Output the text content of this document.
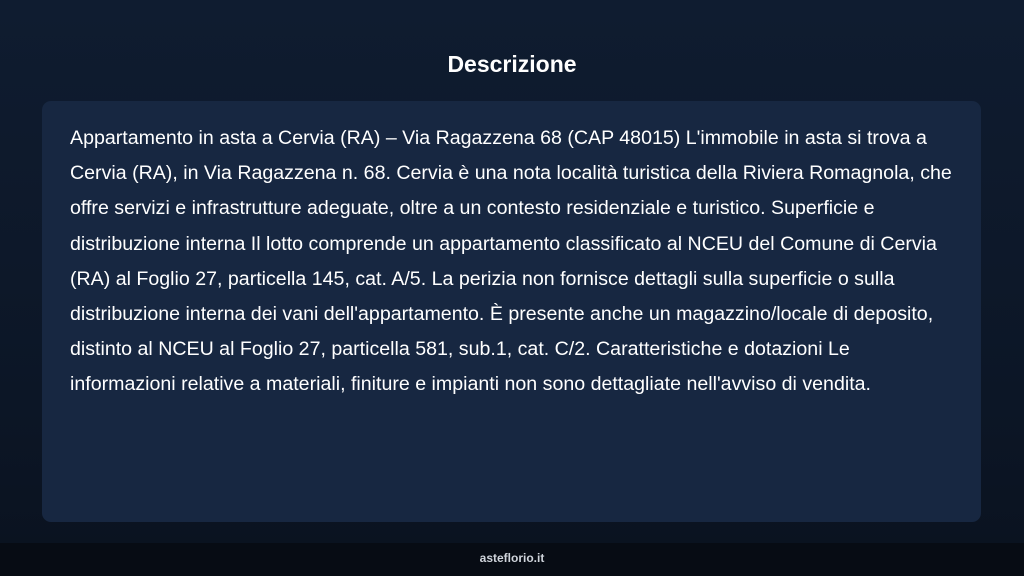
Descrizione

Appartamento in asta a Cervia (RA) – Via Ragazzena 68 (CAP 48015) L'immobile in asta si trova a Cervia (RA), in Via Ragazzena n. 68. Cervia è una nota località turistica della Riviera Romagnola, che offre servizi e infrastrutture adeguate, oltre a un contesto residenziale e turistico. Superficie e distribuzione interna Il lotto comprende un appartamento classificato al NCEU del Comune di Cervia (RA) al Foglio 27, particella 145, cat. A/5. La perizia non fornisce dettagli sulla superficie o sulla distribuzione interna dei vani dell'appartamento. È presente anche un magazzino/locale di deposito, distinto al NCEU al Foglio 27, particella 581, sub.1, cat. C/2. Caratteristiche e dotazioni Le informazioni relative a materiali, finiture e impianti non sono dettagliate nell'avviso di vendita.

asteflorio.it
